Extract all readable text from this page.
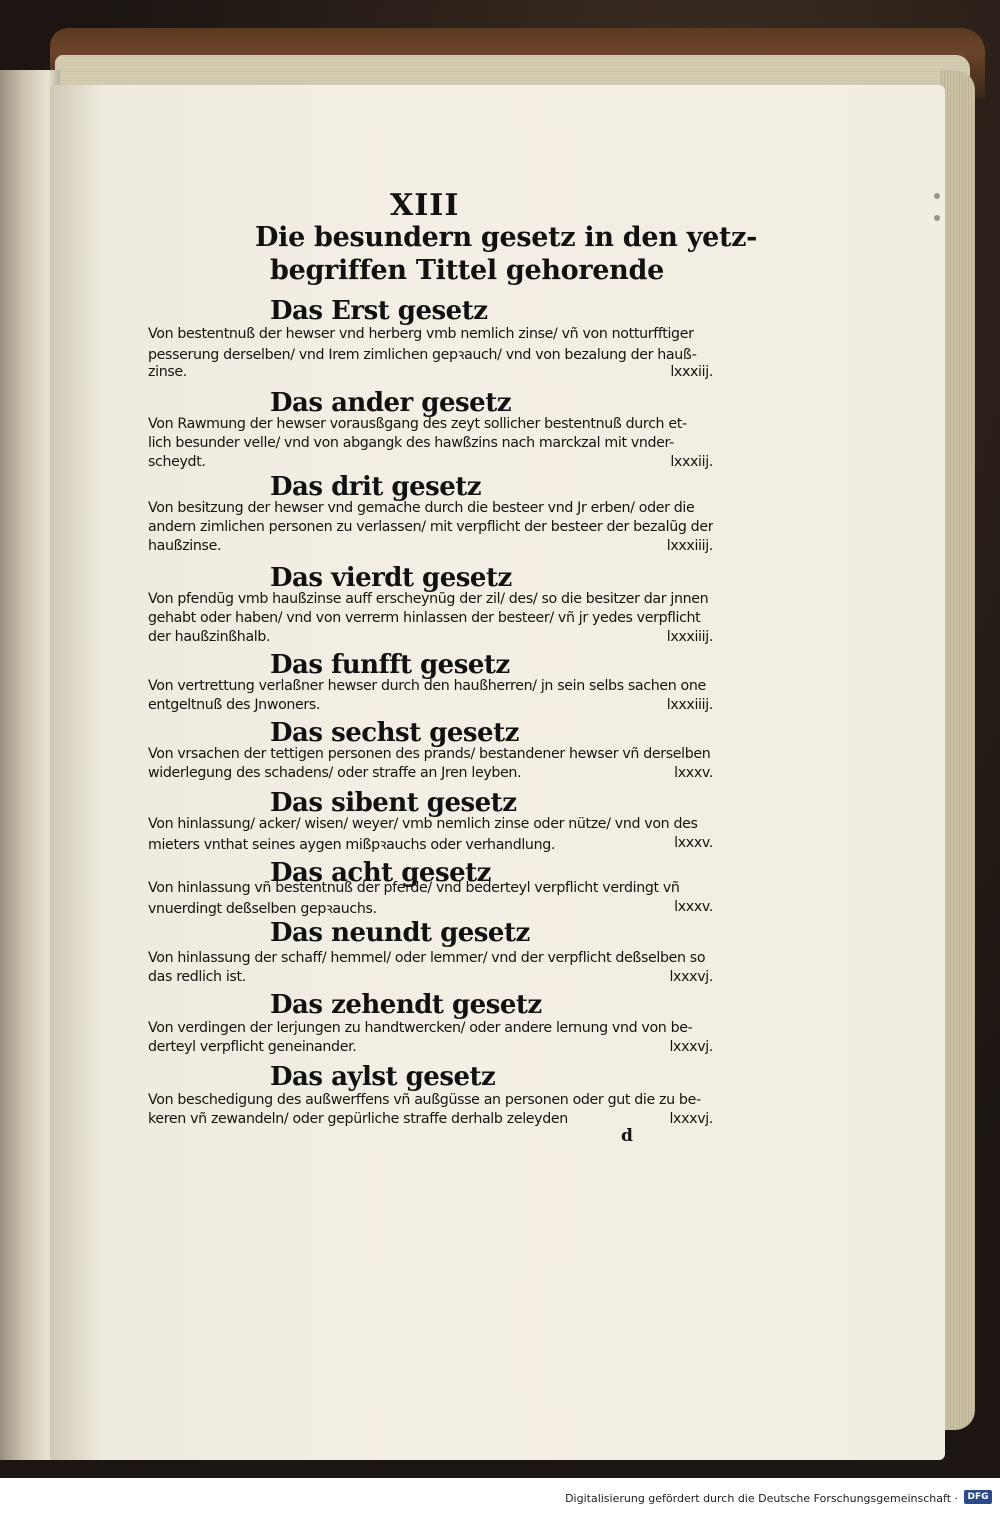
XIII
Die besundern gesetz in den yetz-
begriffen Tittel gehorende
Das Erst gesetz
Von bestentnuß der hewser vnd herberg vmb nemlich zinse/ vñ von notturfftiger
pesserung derselben/ vnd Irem zimlichen gepꝛauch/ vnd von bezalung der hauß-
zinse.	lxxxiij.
Das ander gesetz
Von Rawmung der hewser vorausßgang des zeyt sollicher bestentnuß durch et-
lich besunder velle/ vnd von abgangk des hawßzins nach marckzal mit vnder-
scheydt.	lxxxiij.
Das drit gesetz
Von besitzung der hewser vnd gemache durch die besteer vnd Jr erben/ oder die
andern zimlichen personen zu verlassen/ mit verpflicht der besteer der bezalũg der
haußzinse.	lxxxiiij.
Das vierdt gesetz
Von pfendũg vmb haußzinse auff erscheynũg der zil/ des/ so die besitzer dar jnnen
gehabt oder haben/ vnd von verrerm hinlassen der besteer/ vñ jr yedes verpflicht
der haußzinßhalb.	lxxxiiij.
Das funfft gesetz
Von vertrettung verlaßner hewser durch den haußherren/ jn sein selbs sachen one
entgeltnuß des Jnwoners.	lxxxiiij.
Das sechst gesetz
Von vrsachen der tettigen personen des prands/ bestandener hewser vñ derselben
widerlegung des schadens/ oder straffe an Jren leyben.	lxxxv.
Das sibent gesetz
Von hinlassung/ acker/ wisen/ weyer/ vmb nemlich zinse oder nütze/ vnd von des
mieters vnthat seines aygen mißpꝛauchs oder verhandlung.	lxxxv.
Das acht gesetz
Von hinlassung vñ bestentnuß der pferde/ vnd bederteyl verpflicht verdingt vñ
vnuerdingt deßselben gepꝛauchs.	lxxxv.
Das neundt gesetz
Von hinlassung der schaff/ hemmel/ oder lemmer/ vnd der verpflicht deßselben so
das redlich ist.	lxxxvj.
Das zehendt gesetz
Von verdingen der lerjungen zu handtwercken/ oder andere lernung vnd von be-
derteyl verpflicht geneinander.	lxxxvj.
Das aylst gesetz
Von beschedigung des außwerffens vñ außgüsse an personen oder gut die zu be-
keren vñ zewandeln/ oder gepürliche straffe derhalb zeleyden	lxxxvj.
d
Digitalisierung gefördert durch die Deutsche Forschungsgemeinschaft ·	DFG
